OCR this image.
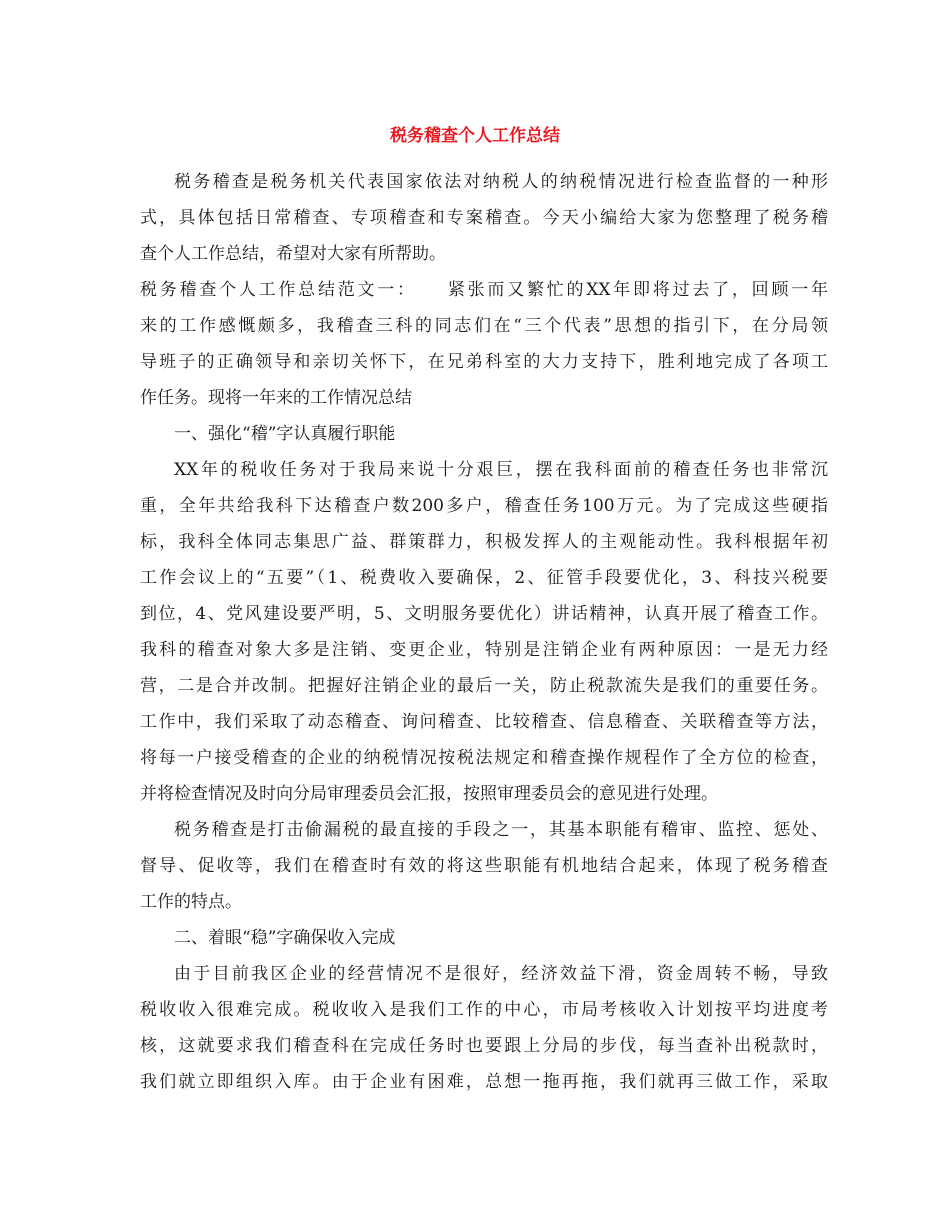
税务稽查个人工作总结
税务稽查是税务机关代表国家依法对纳税人的纳税情况进行检查监督的一种形
式，具体包括日常稽查、专项稽查和专案稽查。今天小编给大家为您整理了税务稽
查个人工作总结，希望对大家有所帮助。
税务稽查个人工作总结范文一：　　紧张而又繁忙的XX年即将过去了，回顾一年
来的工作感慨颇多，我稽查三科的同志们在“三个代表”思想的指引下，在分局领
导班子的正确领导和亲切关怀下，在兄弟科室的大力支持下，胜利地完成了各项工
作任务。现将一年来的工作情况总结
一、强化“稽”字认真履行职能
XX年的税收任务对于我局来说十分艰巨，摆在我科面前的稽查任务也非常沉
重，全年共给我科下达稽查户数200多户，稽查任务100万元。为了完成这些硬指
标，我科全体同志集思广益、群策群力，积极发挥人的主观能动性。我科根据年初
工作会议上的“五要”（1、税费收入要确保，2、征管手段要优化，3、科技兴税要
到位，4、党风建设要严明，5、文明服务要优化）讲话精神，认真开展了稽查工作。
我科的稽查对象大多是注销、变更企业，特别是注销企业有两种原因：一是无力经
营，二是合并改制。把握好注销企业的最后一关，防止税款流失是我们的重要任务。
工作中，我们采取了动态稽查、询问稽查、比较稽查、信息稽查、关联稽查等方法，
将每一户接受稽查的企业的纳税情况按税法规定和稽查操作规程作了全方位的检查，
并将检查情况及时向分局审理委员会汇报，按照审理委员会的意见进行处理。
税务稽查是打击偷漏税的最直接的手段之一，其基本职能有稽审、监控、惩处、
督导、促收等，我们在稽查时有效的将这些职能有机地结合起来，体现了税务稽查
工作的特点。
二、着眼“稳”字确保收入完成
由于目前我区企业的经营情况不是很好，经济效益下滑，资金周转不畅，导致
税收收入很难完成。税收收入是我们工作的中心，市局考核收入计划按平均进度考
核，这就要求我们稽查科在完成任务时也要跟上分局的步伐，每当查补出税款时，
我们就立即组织入库。由于企业有困难，总想一拖再拖，我们就再三做工作，采取
